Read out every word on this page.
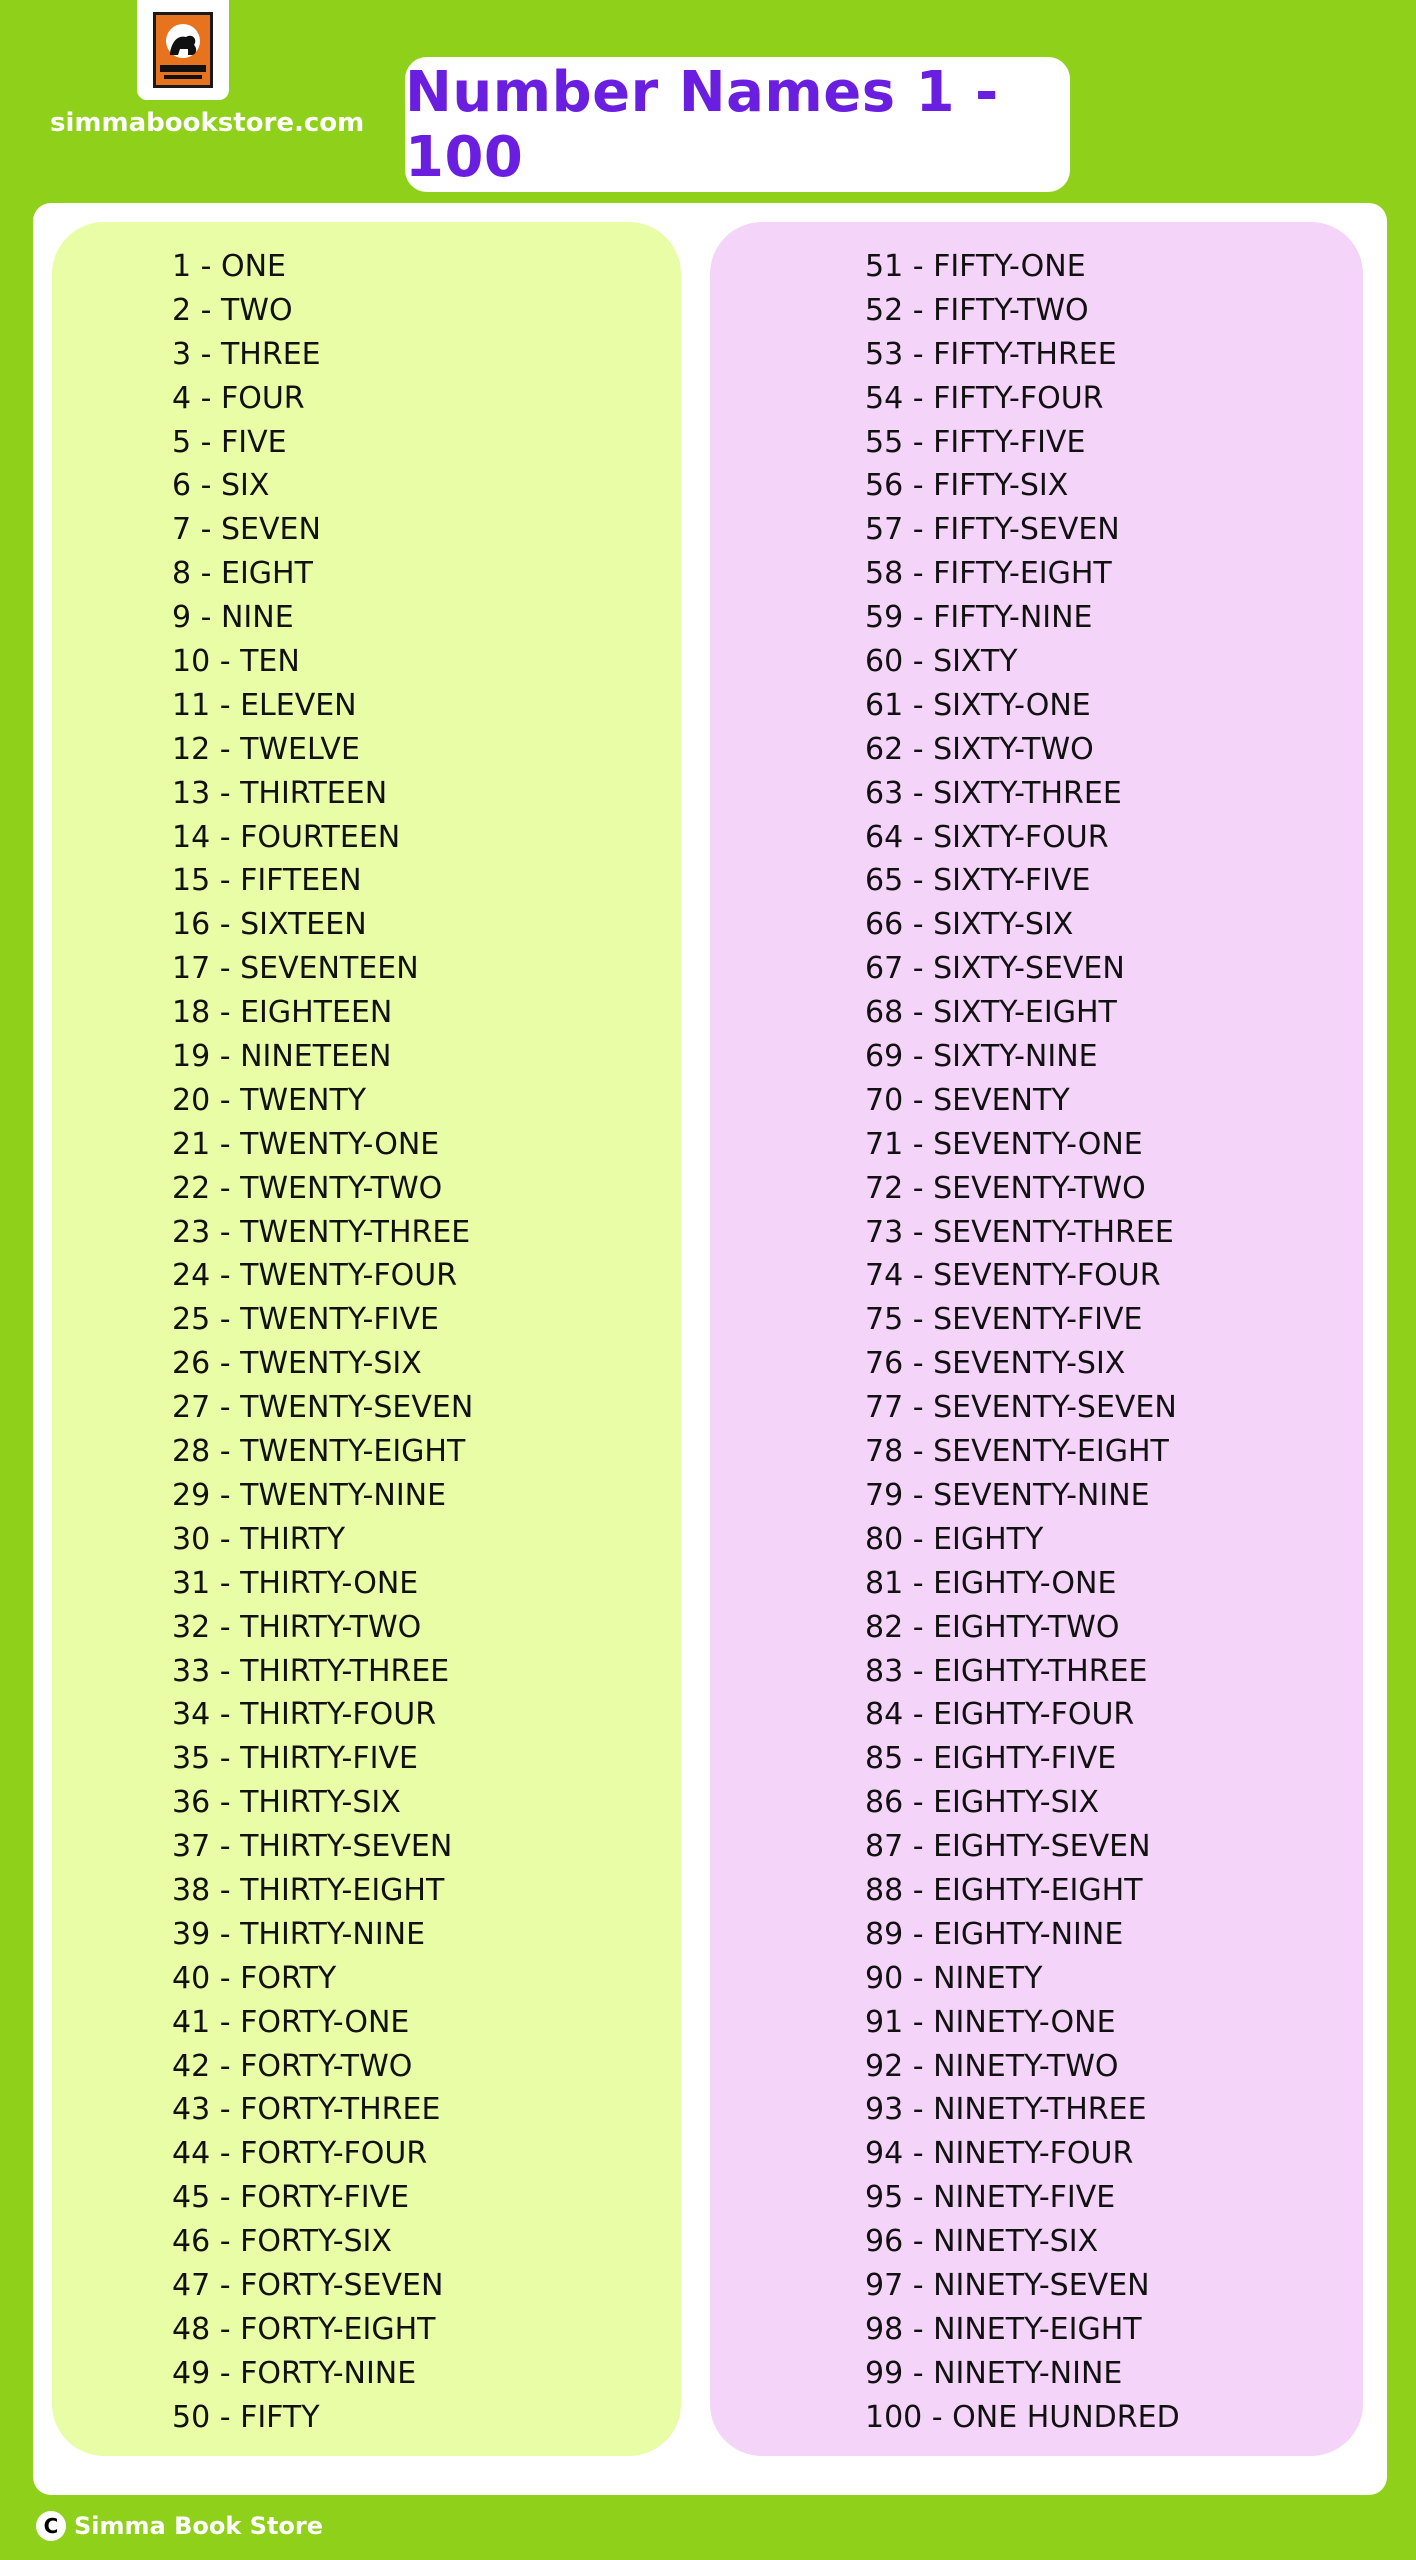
simmabookstore.com Number Names 1 - 100
1 - ONE
2 - TWO
3 - THREE
4 - FOUR
5 - FIVE
6 - SIX
7 - SEVEN
8 - EIGHT
9 - NINE
10 - TEN
11 - ELEVEN
12 - TWELVE
13 - THIRTEEN
14 - FOURTEEN
15 - FIFTEEN
16 - SIXTEEN
17 - SEVENTEEN
18 - EIGHTEEN
19 - NINETEEN
20 - TWENTY
21 - TWENTY-ONE
22 - TWENTY-TWO
23 - TWENTY-THREE
24 - TWENTY-FOUR
25 - TWENTY-FIVE
26 - TWENTY-SIX
27 - TWENTY-SEVEN
28 - TWENTY-EIGHT
29 - TWENTY-NINE
30 - THIRTY
31 - THIRTY-ONE
32 - THIRTY-TWO
33 - THIRTY-THREE
34 - THIRTY-FOUR
35 - THIRTY-FIVE
36 - THIRTY-SIX
37 - THIRTY-SEVEN
38 - THIRTY-EIGHT
39 - THIRTY-NINE
40 - FORTY
41 - FORTY-ONE
42 - FORTY-TWO
43 - FORTY-THREE
44 - FORTY-FOUR
45 - FORTY-FIVE
46 - FORTY-SIX
47 - FORTY-SEVEN
48 - FORTY-EIGHT
49 - FORTY-NINE
50 - FIFTY
51 - FIFTY-ONE
52 - FIFTY-TWO
53 - FIFTY-THREE
54 - FIFTY-FOUR
55 - FIFTY-FIVE
56 - FIFTY-SIX
57 - FIFTY-SEVEN
58 - FIFTY-EIGHT
59 - FIFTY-NINE
60 - SIXTY
61 - SIXTY-ONE
62 - SIXTY-TWO
63 - SIXTY-THREE
64 - SIXTY-FOUR
65 - SIXTY-FIVE
66 - SIXTY-SIX
67 - SIXTY-SEVEN
68 - SIXTY-EIGHT
69 - SIXTY-NINE
70 - SEVENTY
71 - SEVENTY-ONE
72 - SEVENTY-TWO
73 - SEVENTY-THREE
74 - SEVENTY-FOUR
75 - SEVENTY-FIVE
76 - SEVENTY-SIX
77 - SEVENTY-SEVEN
78 - SEVENTY-EIGHT
79 - SEVENTY-NINE
80 - EIGHTY
81 - EIGHTY-ONE
82 - EIGHTY-TWO
83 - EIGHTY-THREE
84 - EIGHTY-FOUR
85 - EIGHTY-FIVE
86 - EIGHTY-SIX
87 - EIGHTY-SEVEN
88 - EIGHTY-EIGHT
89 - EIGHTY-NINE
90 - NINETY
91 - NINETY-ONE
92 - NINETY-TWO
93 - NINETY-THREE
94 - NINETY-FOUR
95 - NINETY-FIVE
96 - NINETY-SIX
97 - NINETY-SEVEN
98 - NINETY-EIGHT
99 - NINETY-NINE
100 - ONE HUNDRED
C Simma Book Store
